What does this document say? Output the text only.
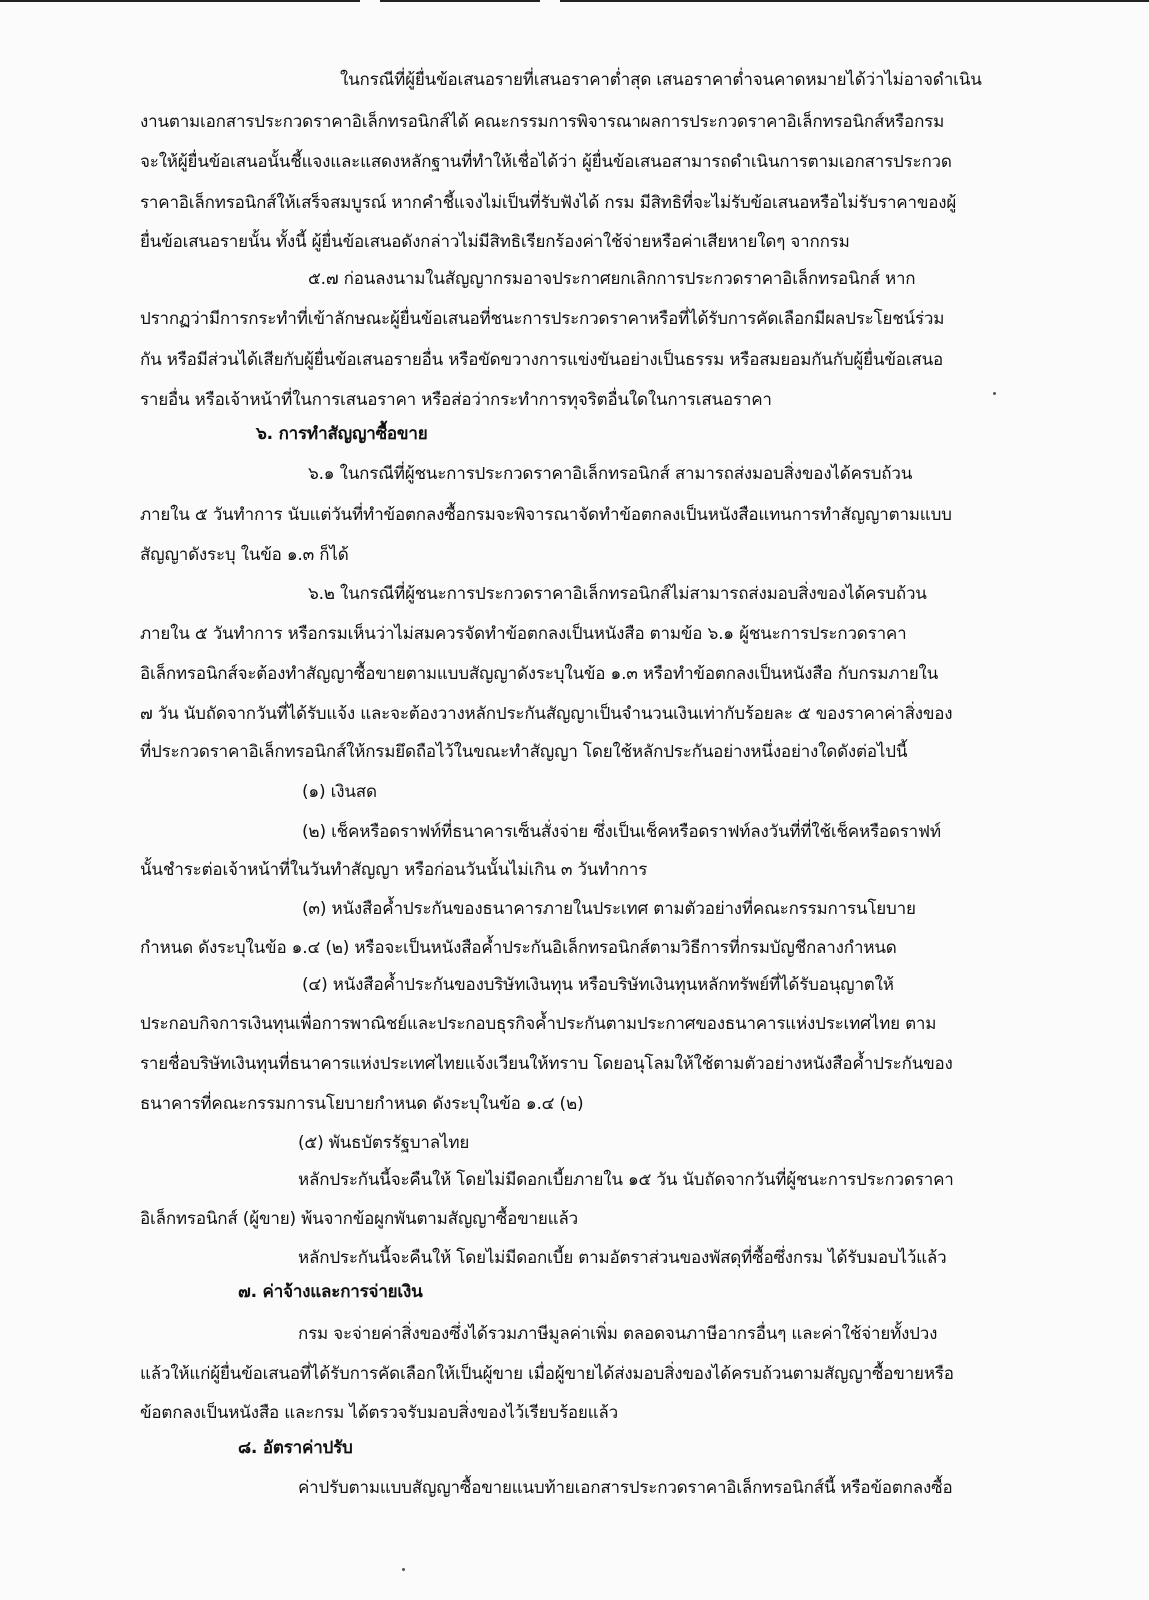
ในกรณีที่ผู้ยื่นข้อเสนอรายที่เสนอราคาต่ำสุด เสนอราคาต่ำจนคาดหมายได้ว่าไม่อาจดำเนิน

งานตามเอกสารประกวดราคาอิเล็กทรอนิกส์ได้ คณะกรรมการพิจารณาผลการประกวดราคาอิเล็กทรอนิกส์หรือกรม

จะให้ผู้ยื่นข้อเสนอนั้นชี้แจงและแสดงหลักฐานที่ทำให้เชื่อได้ว่า ผู้ยื่นข้อเสนอสามารถดำเนินการตามเอกสารประกวด

ราคาอิเล็กทรอนิกส์ให้เสร็จสมบูรณ์ หากคำชี้แจงไม่เป็นที่รับฟังได้ กรม มีสิทธิที่จะไม่รับข้อเสนอหรือไม่รับราคาของผู้

ยื่นข้อเสนอรายนั้น ทั้งนี้ ผู้ยื่นข้อเสนอดังกล่าวไม่มีสิทธิเรียกร้องค่าใช้จ่ายหรือค่าเสียหายใดๆ จากกรม

๕.๗ ก่อนลงนามในสัญญากรมอาจประกาศยกเลิกการประกวดราคาอิเล็กทรอนิกส์ หาก

ปรากฏว่ามีการกระทำที่เข้าลักษณะผู้ยื่นข้อเสนอที่ชนะการประกวดราคาหรือที่ได้รับการคัดเลือกมีผลประโยชน์ร่วม

กัน หรือมีส่วนได้เสียกับผู้ยื่นข้อเสนอรายอื่น หรือขัดขวางการแข่งขันอย่างเป็นธรรม หรือสมยอมกันกับผู้ยื่นข้อเสนอ

รายอื่น หรือเจ้าหน้าที่ในการเสนอราคา หรือส่อว่ากระทำการทุจริตอื่นใดในการเสนอราคา

๖. การทำสัญญาซื้อขาย

๖.๑ ในกรณีที่ผู้ชนะการประกวดราคาอิเล็กทรอนิกส์ สามารถส่งมอบสิ่งของได้ครบถ้วน

ภายใน ๕ วันทำการ นับแต่วันที่ทำข้อตกลงซื้อกรมจะพิจารณาจัดทำข้อตกลงเป็นหนังสือแทนการทำสัญญาตามแบบ

สัญญาดังระบุ ในข้อ ๑.๓ ก็ได้

๖.๒ ในกรณีที่ผู้ชนะการประกวดราคาอิเล็กทรอนิกส์ไม่สามารถส่งมอบสิ่งของได้ครบถ้วน

ภายใน ๕ วันทำการ หรือกรมเห็นว่าไม่สมควรจัดทำข้อตกลงเป็นหนังสือ ตามข้อ ๖.๑ ผู้ชนะการประกวดราคา

อิเล็กทรอนิกส์จะต้องทำสัญญาซื้อขายตามแบบสัญญาดังระบุในข้อ ๑.๓ หรือทำข้อตกลงเป็นหนังสือ กับกรมภายใน

๗ วัน นับถัดจากวันที่ได้รับแจ้ง และจะต้องวางหลักประกันสัญญาเป็นจำนวนเงินเท่ากับร้อยละ ๕ ของราคาค่าสิ่งของ

ที่ประกวดราคาอิเล็กทรอนิกส์ให้กรมยึดถือไว้ในขณะทำสัญญา โดยใช้หลักประกันอย่างหนึ่งอย่างใดดังต่อไปนี้

(๑) เงินสด

(๒) เช็คหรือดราฟท์ที่ธนาคารเซ็นสั่งจ่าย ซึ่งเป็นเช็คหรือดราฟท์ลงวันที่ที่ใช้เช็คหรือดราฟท์

นั้นชำระต่อเจ้าหน้าที่ในวันทำสัญญา หรือก่อนวันนั้นไม่เกิน ๓ วันทำการ

(๓) หนังสือค้ำประกันของธนาคารภายในประเทศ ตามตัวอย่างที่คณะกรรมการนโยบาย

กำหนด ดังระบุในข้อ ๑.๔ (๒) หรือจะเป็นหนังสือค้ำประกันอิเล็กทรอนิกส์ตามวิธีการที่กรมบัญชีกลางกำหนด

(๔) หนังสือค้ำประกันของบริษัทเงินทุน หรือบริษัทเงินทุนหลักทรัพย์ที่ได้รับอนุญาตให้

ประกอบกิจการเงินทุนเพื่อการพาณิชย์และประกอบธุรกิจค้ำประกันตามประกาศของธนาคารแห่งประเทศไทย ตาม

รายชื่อบริษัทเงินทุนที่ธนาคารแห่งประเทศไทยแจ้งเวียนให้ทราบ โดยอนุโลมให้ใช้ตามตัวอย่างหนังสือค้ำประกันของ

ธนาคารที่คณะกรรมการนโยบายกำหนด ดังระบุในข้อ ๑.๔ (๒)

(๕) พันธบัตรรัฐบาลไทย

หลักประกันนี้จะคืนให้ โดยไม่มีดอกเบี้ยภายใน ๑๕ วัน นับถัดจากวันที่ผู้ชนะการประกวดราคา

อิเล็กทรอนิกส์ (ผู้ขาย) พ้นจากข้อผูกพันตามสัญญาซื้อขายแล้ว

หลักประกันนี้จะคืนให้ โดยไม่มีดอกเบี้ย ตามอัตราส่วนของพัสดุที่ซื้อซึ่งกรม ได้รับมอบไว้แล้ว

๗. ค่าจ้างและการจ่ายเงิน

กรม จะจ่ายค่าสิ่งของซึ่งได้รวมภาษีมูลค่าเพิ่ม ตลอดจนภาษีอากรอื่นๆ และค่าใช้จ่ายทั้งปวง

แล้วให้แก่ผู้ยื่นข้อเสนอที่ได้รับการคัดเลือกให้เป็นผู้ขาย เมื่อผู้ขายได้ส่งมอบสิ่งของได้ครบถ้วนตามสัญญาซื้อขายหรือ

ข้อตกลงเป็นหนังสือ และกรม ได้ตรวจรับมอบสิ่งของไว้เรียบร้อยแล้ว

๘. อัตราค่าปรับ

ค่าปรับตามแบบสัญญาซื้อขายแนบท้ายเอกสารประกวดราคาอิเล็กทรอนิกส์นี้ หรือข้อตกลงซื้อ
